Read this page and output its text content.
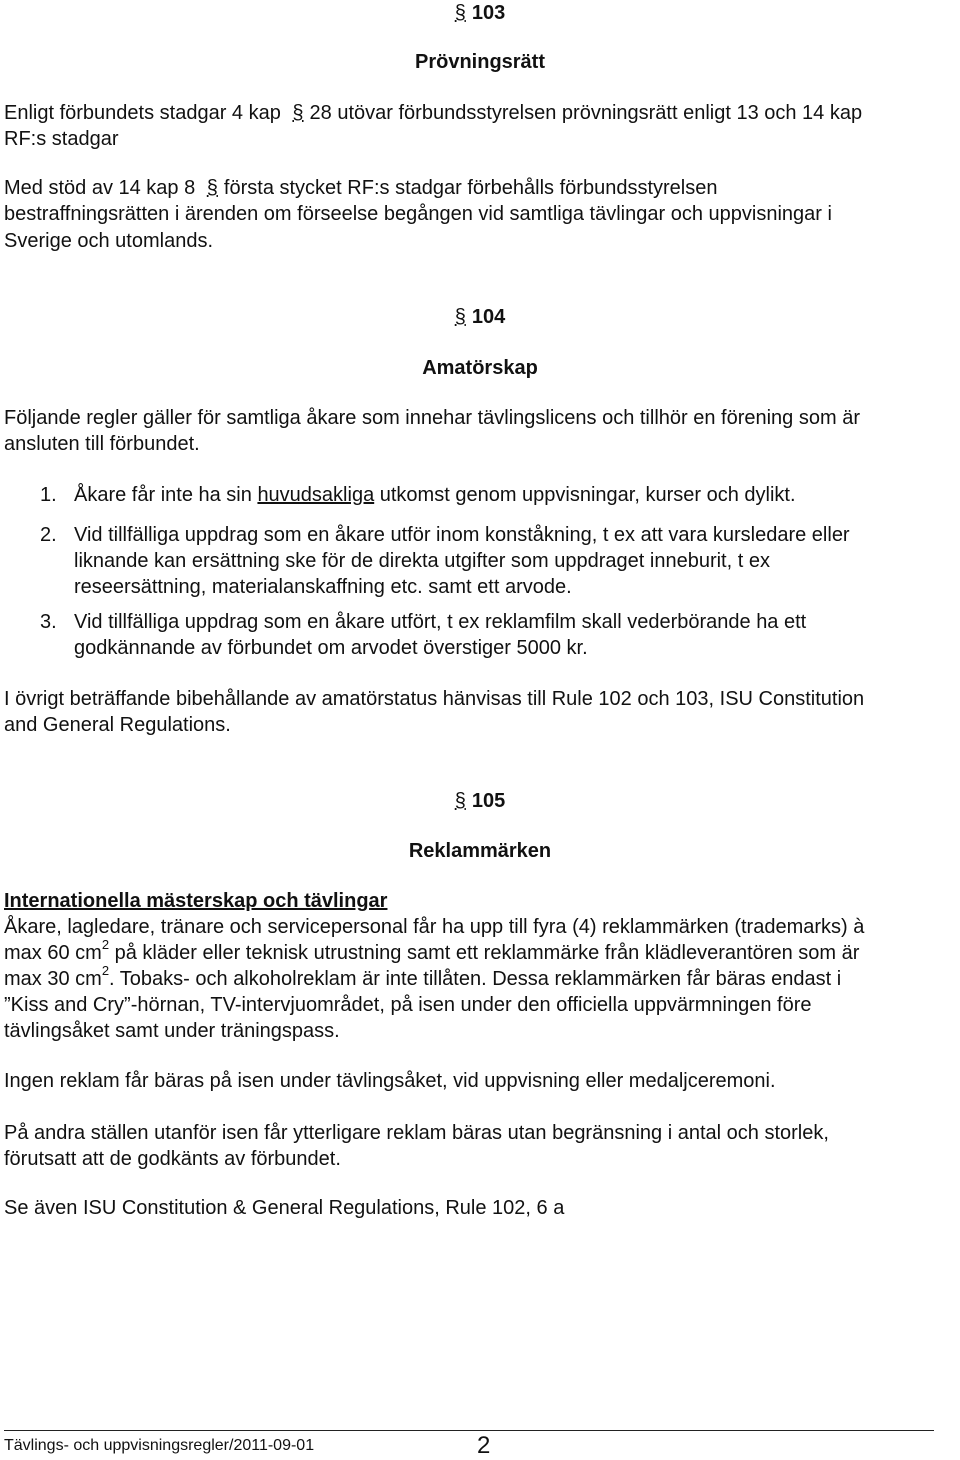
§ 103
Prövningsrätt
Enligt förbundets stadgar 4 kap § 28 utövar förbundsstyrelsen prövningsrätt enligt 13 och 14 kap
RF:s stadgar
Med stöd av 14 kap 8 § första stycket RF:s stadgar förbehålls förbundsstyrelsen
bestraffningsrätten i ärenden om förseelse begången vid samtliga tävlingar och uppvisningar i
Sverige och utomlands.
§ 104
Amatörskap
Följande regler gäller för samtliga åkare som innehar tävlingslicens och tillhör en förening som är
ansluten till förbundet.
1. Åkare får inte ha sin huvudsakliga utkomst genom uppvisningar, kurser och dylikt.
2. Vid tillfälliga uppdrag som en åkare utför inom konståkning, t ex att vara kursledare eller
liknande kan ersättning ske för de direkta utgifter som uppdraget inneburit, t ex
reseersättning, materialanskaffning etc. samt ett arvode.
3. Vid tillfälliga uppdrag som en åkare utfört, t ex reklamfilm skall vederbörande ha ett
godkännande av förbundet om arvodet överstiger 5000 kr.
I övrigt beträffande bibehållande av amatörstatus hänvisas till Rule 102 och 103, ISU Constitution
and General Regulations.
§ 105
Reklammärken
Internationella mästerskap och tävlingar
Åkare, lagledare, tränare och servicepersonal får ha upp till fyra (4) reklammärken (trademarks) à
max 60 $cm^2$ på kläder eller teknisk utrustning samt ett reklammärke från klädleverantören som är
max 30 $cm^2$. Tobaks- och alkoholreklam är inte tillåten. Dessa reklammärken får bäras endast i
”Kiss and Cry”-hörnan, TV-intervjuområdet, på isen under den officiella uppvärmningen före
tävlingsåket samt under träningspass.
Ingen reklam får bäras på isen under tävlingsåket, vid uppvisning eller medaljceremoni.
På andra ställen utanför isen får ytterligare reklam bäras utan begränsning i antal och storlek,
förutsatt att de godkänts av förbundet.
Se även ISU Constitution & General Regulations, Rule 102, 6 a
Tävlings- och uppvisningsregler/2011-09-01	2
